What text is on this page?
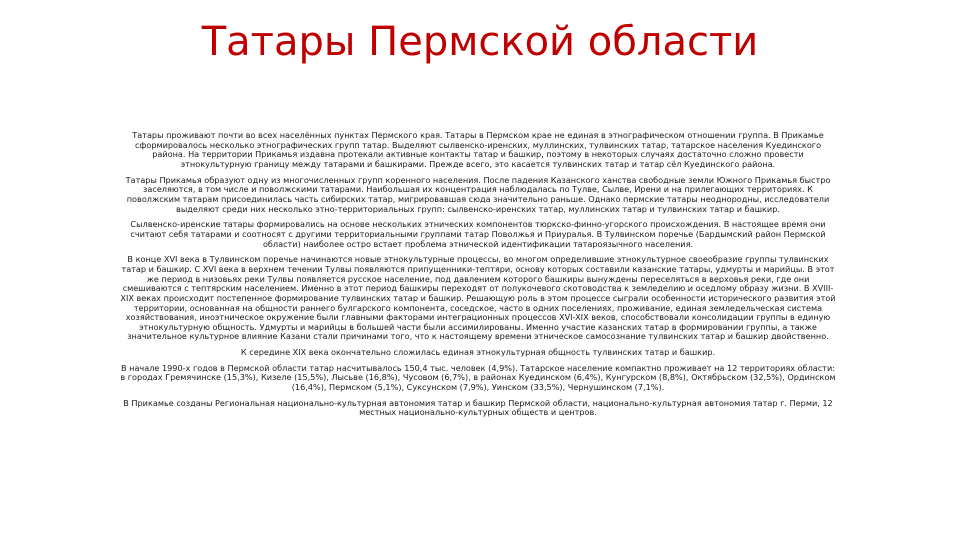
Татары Пермской области

Татары проживают почти во всех населённых пунктах Пермского края. Татары в Пермском крае не единая в этнографическом отношении группа. В Прикамье сформировалось несколько этнографических групп татар. Выделяют сылвенско-иренских, муллинских, тулвинских татар, татарское населения Куединского района. На территории Прикамья издавна протекали активные контакты татар и башкир, поэтому в некоторых случаях достаточно сложно провести этнокультурную границу между татарами и башкирами. Прежде всего, это касается тулвинских татар и татар сёл Куединского района.

Татары Прикамья образуют одну из многочисленных групп коренного населения. После падения Казанского ханства свободные земли Южного Прикамья быстро заселяются, в том числе и поволжскими татарами. Наибольшая их концентрация наблюдалась по Тулве, Сылве, Ирени и на прилегающих территориях. К поволжским татарам присоединилась часть сибирских татар, мигрировавшая сюда значительно раньше. Однако пермские татары неоднородны, исследователи выделяют среди них несколько этно-территориальных групп: сылвенско-иренских татар, муллинских татар и тулвинских татар и башкир.

Сылвенско-иренские татары формировались на основе нескольких этнических компонентов тюркско-финно-угорского происхождения. В настоящее время они считают себя татарами и соотносят с другими территориальными группами татар Поволжья и Приуралья. В Тулвинском поречье (Бардымский район Пермской области) наиболее остро встает проблема этнической идентификации татароязычного населения.

В конце XVI века в Тулвинском поречье начинаются новые этнокультурные процессы, во многом определившие этнокультурное своеобразие группы тулвинских татар и башкир. С XVI века в верхнем течении Тулвы появляются припущенники-тептяри, основу которых составили казанские татары, удмурты и марийцы. В этот же период в низовьях реки Тулвы появляется русское население, под давлением которого башкиры вынуждены переселяться в верховья реки, где они смешиваются с тептярским населением. Именно в этот период башкиры переходят от полукочевого скотоводства к земледелию и оседлому образу жизни. В XVIII-XIX веках происходит постепенное формирование тулвинских татар и башкир. Решающую роль в этом процессе сыграли особенности исторического развития этой территории, основанная на общности раннего булгарского компонента, соседское, часто в одних поселениях, проживание, единая земледельческая система хозяйствования, иноэтническое окружение были главными факторами интеграционных процессов XVI-XIX веков, способствовали консолидации группы в единую этнокультурную общность. Удмурты и марийцы в большей части были ассимилированы. Именно участие казанских татар в формировании группы, а также значительное культурное влияние Казани стали причинами того, что к настоящему времени этническое самосознание тулвинских татар и башкир двойственно.

К середине XIX века окончательно сложилась единая этнокультурная общность тулвинских татар и башкир.

В начале 1990-х годов в Пермской области татар насчитывалось 150,4 тыс. человек (4,9%). Татарское население компактно проживает на 12 территориях области: в городах Гремячинске (15,3%), Кизеле (15,5%), Лысьве (16,8%), Чусовом (6,7%), в районах Куединском (6,4%), Кунгурском (8,8%), Октябрьском (32,5%), Ординском (16,4%), Пермском (5,1%), Суксунском (7,9%), Уинском (33,5%), Чернушинском (7,1%).

В Прикамье созданы Региональная национально-культурная автономия татар и башкир Пермской области, национально-культурная автономия татар г. Перми, 12 местных национально-культурных обществ и центров.
